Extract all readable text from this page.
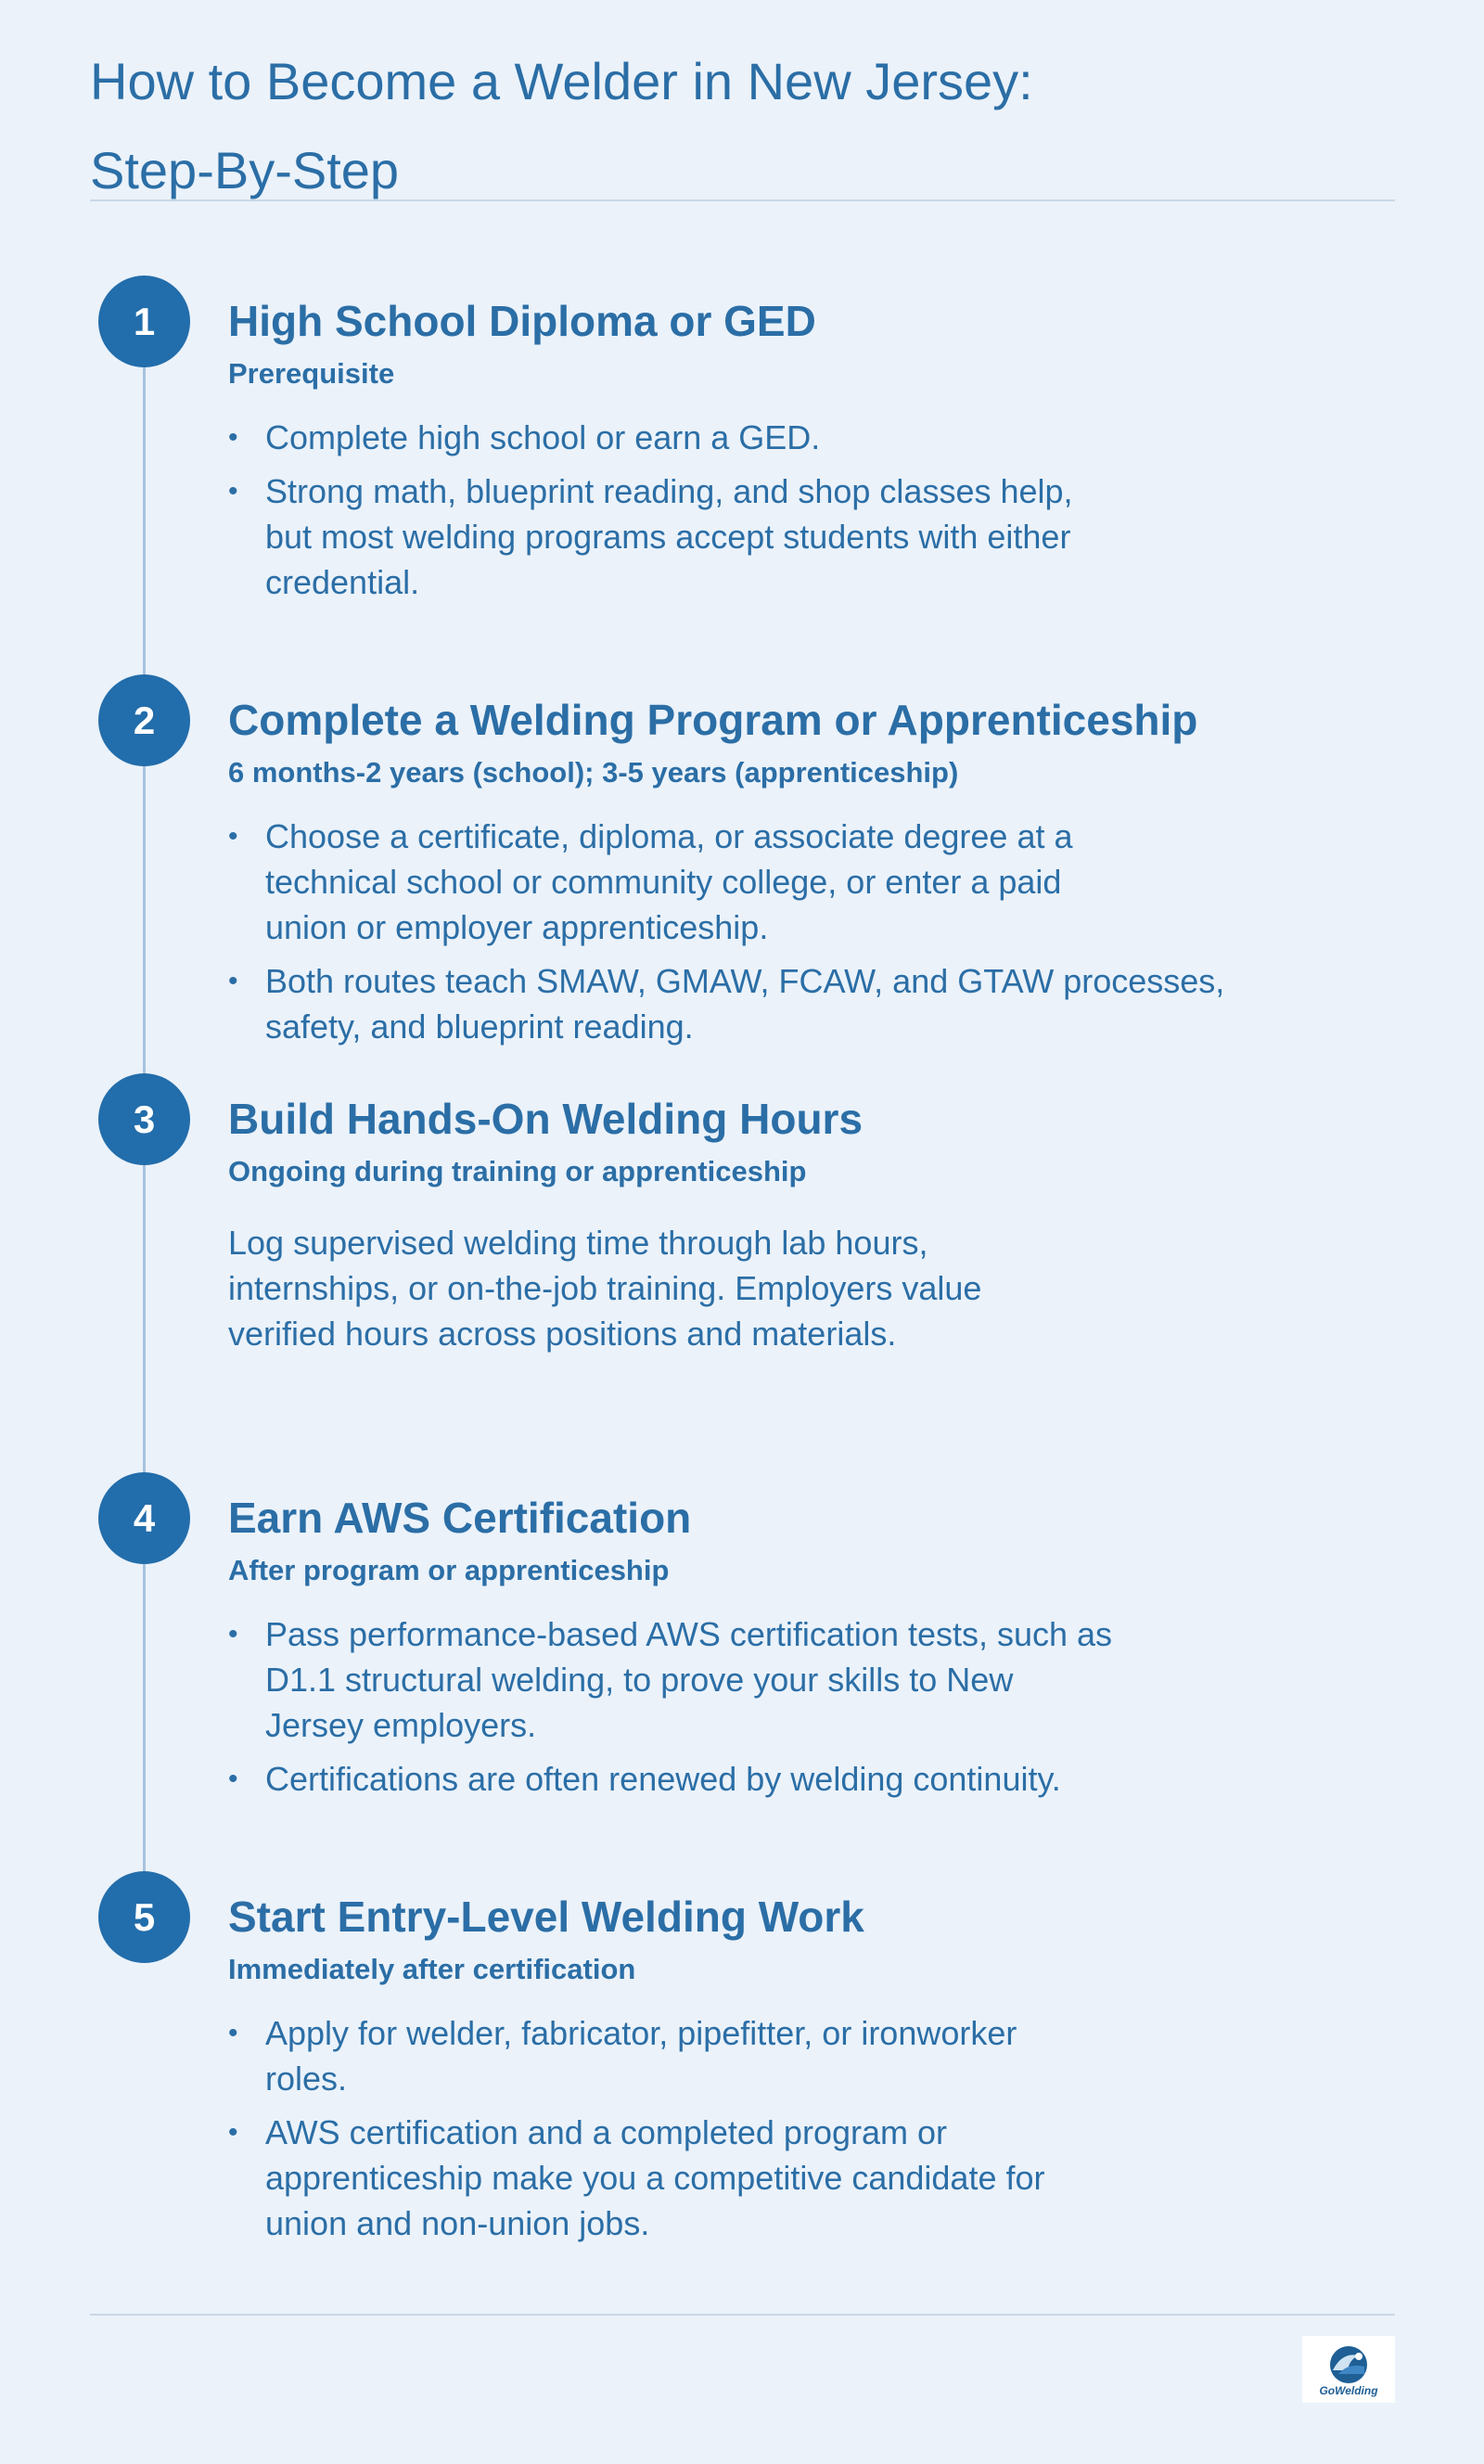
How to Become a Welder in New Jersey:
Step-By-Step
1	High School Diploma or GED
Prerequisite
• Complete high school or earn a GED.
• Strong math, blueprint reading, and shop classes help,
but most welding programs accept students with either
credential.
2	Complete a Welding Program or Apprenticeship
6 months-2 years (school); 3-5 years (apprenticeship)
• Choose a certificate, diploma, or associate degree at a
technical school or community college, or enter a paid
union or employer apprenticeship.
• Both routes teach SMAW, GMAW, FCAW, and GTAW processes,
safety, and blueprint reading.
3	Build Hands-On Welding Hours
Ongoing during training or apprenticeship
Log supervised welding time through lab hours,
internships, or on-the-job training. Employers value
verified hours across positions and materials.
4	Earn AWS Certification
After program or apprenticeship
• Pass performance-based AWS certification tests, such as
D1.1 structural welding, to prove your skills to New
Jersey employers.
• Certifications are often renewed by welding continuity.
5	Start Entry-Level Welding Work
Immediately after certification
• Apply for welder, fabricator, pipefitter, or ironworker
roles.
• AWS certification and a completed program or
apprenticeship make you a competitive candidate for
union and non-union jobs.
GoWelding
